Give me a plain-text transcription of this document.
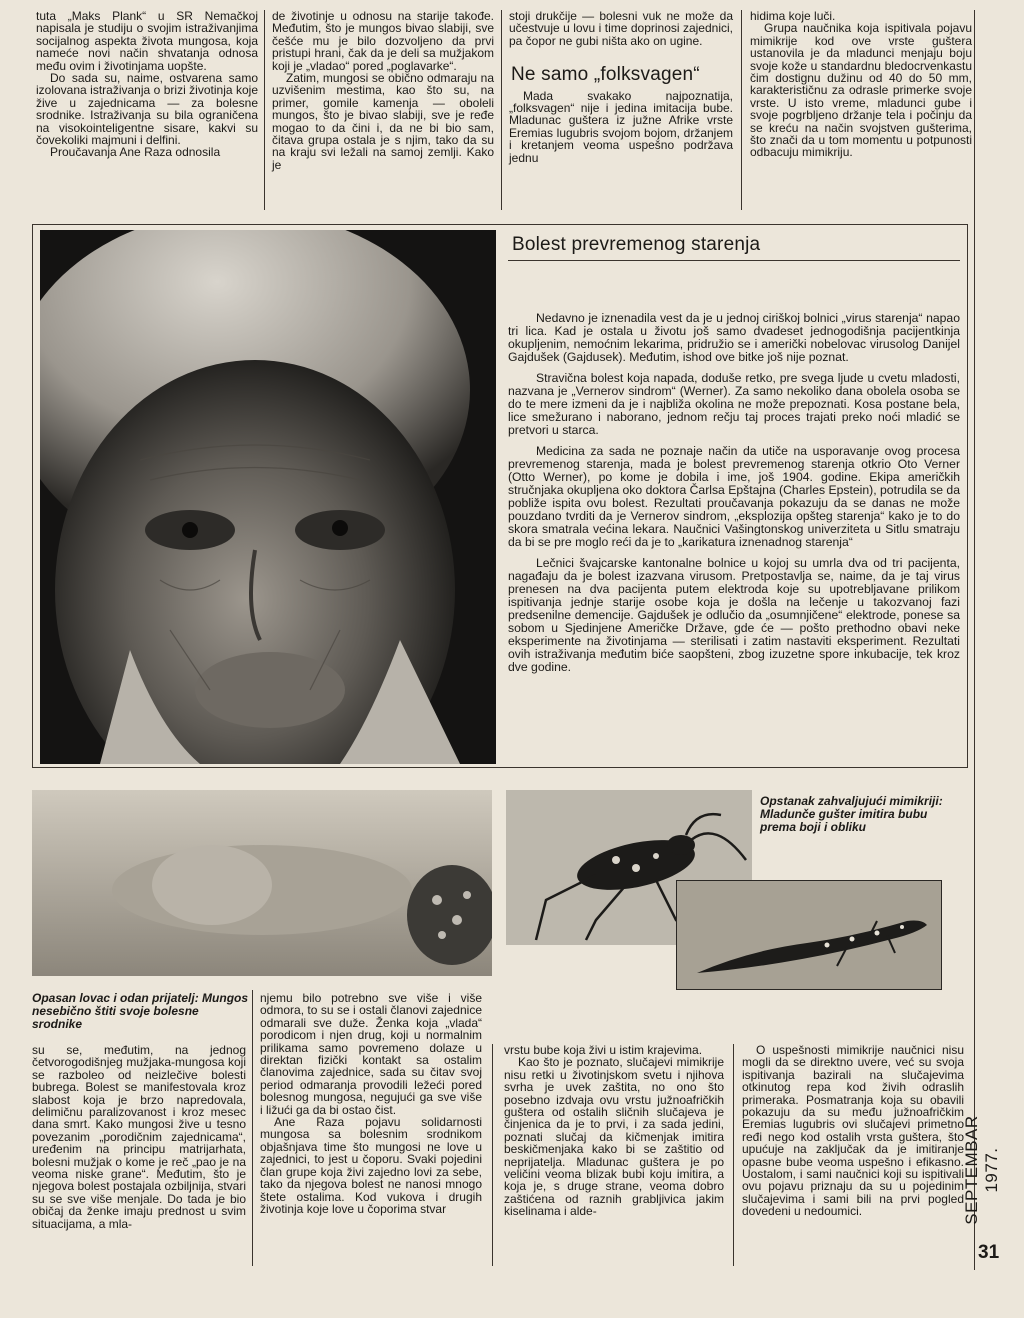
tuta „Maks Plank“ u SR Nemačkoj napisala je studiju o svojim istraživanjima socijalnog aspekta života mungosa, koja nameće novi način shvatanja odnosa među ovim i životinjama uopšte.

Do sada su, naime, ostvarena samo izolovana istraživanja o brizi životinja koje žive u zajednicama — za bolesne srodnike. Istraživanja su bila ograničena na visokointeligentne sisare, kakvi su čovekoliki majmuni i delfini.

Proučavanja Ane Raza odnosila

de životinje u odnosu na starije takođe. Međutim, što je mungos bivao slabiji, sve češće mu je bilo dozvoljeno da prvi pristupi hrani, čak da je deli sa mužjakom koji je „vladao“ pored „poglavarke“.

Zatim, mungosi se obično odmaraju na uzvišenim mestima, kao što su, na primer, gomile kamenja — oboleli mungos, što je bivao slabiji, sve je ređe mogao to da čini i, da ne bi bio sam, čitava grupa ostala je s njim, tako da su na kraju svi ležali na samoj zemlji. Kako je

stoji drukčije — bolesni vuk ne može da učestvuje u lovu i time doprinosi zajednici, pa čopor ne gubi ništa ako on ugine.

Ne samo „folksvagen“

Mada svakako najpoznatija, „folksvagen“ nije i jedina imitacija bube. Mladunac guštera iz južne Afrike vrste Eremias lugubris svojom bojom, držanjem i kretanjem veoma uspešno podržava jednu

hidima koje luči.

Grupa naučnika koja ispitivala pojavu mimikrije kod ove vrste guštera ustanovila je da mladunci menjaju boju svoje kože u standardnu bledocrvenkastu čim dostignu dužinu od 40 do 50 mm, karakterističnu za odrasle primerke svoje vrste. U isto vreme, mladunci gube i svoje pogrbljeno držanje tela i počinju da se kreću na način svojstven gušterima, što znači da u tom momentu u potpunosti odbacuju mimikriju.

Bolest prevremenog starenja

Nedavno je iznenadila vest da je u jednoj ciriškoj bolnici „virus starenja“ napao tri lica. Kad je ostala u životu još samo dvadeset jednogodišnja pacijentkinja okupljenim, nemoćnim lekarima, pridružio se i američki nobelovac virusolog Danijel Gajdušek (Gajdusek). Međutim, ishod ove bitke još nije poznat.

Stravična bolest koja napada, doduše retko, pre svega ljude u cvetu mladosti, nazvana je „Vernerov sindrom“ (Werner). Za samo nekoliko dana obolela osoba se do te mere izmeni da je i najbliža okolina ne može prepoznati. Kosa postane bela, lice smežurano i naborano, jednom rečju taj proces trajati preko noći mladić se pretvori u starca.

Medicina za sada ne poznaje način da utiče na usporavanje ovog procesa prevremenog starenja, mada je bolest prevremenog starenja otkrio Oto Verner (Otto Werner), po kome je dobila i ime, još 1904. godine. Ekipa američkih stručnjaka okupljena oko doktora Čarlsa Epštajna (Charles Epstein), potrudila se da pobliže ispita ovu bolest. Rezultati proučavanja pokazuju da se danas ne može pouzdano tvrditi da je Vernerov sindrom, „eksplozija opšteg starenja“ kako je to do skora smatrala većina lekara. Naučnici Vašingtonskog univerziteta u Sitlu smatraju da bi se pre moglo reći da je to „karikatura iznenadnog starenja“

Lečnici švajcarske kantonalne bolnice u kojoj su umrla dva od tri pacijenta, nagađaju da je bolest izazvana virusom. Pretpostavlja se, naime, da je taj virus prenesen na dva pacijenta putem elektroda koje su upotrebljavane prilikom ispitivanja jednje starije osobe koja je došla na lečenje u takozvanoj fazi predsenilne demencije. Gajdušek je odlučio da „osumnjičene“ elektrode, ponese sa sobom u Sjedinjene Američke Države, gde će — pošto prethodno obavi neke eksperimente na životinjama — sterilisati i zatim nastaviti eksperiment. Rezultati ovih istraživanja međutim biće saopšteni, zbog izuzetne spore inkubacije, tek kroz dve godine.

Opstanak zahvaljujući mimikriji: Mladunče gušter imitira bubu prema boji i obliku
Opasan lovac i odan prijatelj: Mungos nesebično štiti svoje bolesne srodnike

su se, međutim, na jednog četvorogodišnjeg mužjaka-mungosa koji se razboleo od neizlečive bolesti bubrega. Bolest se manifestovala kroz slabost koja je brzo napredovala, delimičnu paralizovanost i kroz mesec dana smrt. Kako mungosi žive u tesno povezanim „porodičnim zajednicama“, uređenim na principu matrijarhata, bolesni mužjak o kome je reč „pao je na veoma niske grane“. Međutim, što je njegova bolest postajala ozbiljnija, stvari su se sve više menjale. Do tada je bio običaj da ženke imaju prednost u svim situacijama, a mla-

njemu bilo potrebno sve više i više odmora, to su se i ostali članovi zajednice odmarali sve duže. Ženka koja „vlada“ porodicom i njen drug, koji u normalnim prilikama samo povremeno dolaze u direktan fizički kontakt sa ostalim članovima zajednice, sada su čitav svoj period odmaranja provodili ležeći pored bolesnog mungosa, negujući ga sve više i ližući ga da bi ostao čist.

Ane Raza pojavu solidarnosti mungosa sa bolesnim srodnikom objašnjava time što mungosi ne love u zajednici, to jest u čoporu. Svaki pojedini član grupe koja živi zajedno lovi za sebe, tako da njegova bolest ne nanosi mnogo štete ostalima. Kod vukova i drugih životinja koje love u čoporima stvar

vrstu bube koja živi u istim krajevima.

Kao što je poznato, slučajevi mimikrije nisu retki u životinjskom svetu i njihova svrha je uvek zaštita, no ono što posebno izdvaja ovu vrstu južnoafričkih gušterа od ostalih sličnih slučajeva je činjenica da je to prvi, i za sada jedini, poznati slučaj da kičmenjak imitira beskičmenjaka kako bi se zaštitio od neprijatelja. Mladunac gušterа je po veličini veoma blizak bubi koju imitira, a koja je, s druge strane, veoma dobro zaštićena od raznih grabljivica jakim kiselinama i alde-

O uspešnosti mimikrije naučnici nisu mogli da se direktno uvere, već su svoja ispitivanja bazirali na slučajevima otkinutog repa kod živih odraslih primeraka. Posmatranja koja su obavili pokazuju da su među južnoafričkim Eremias lugubris ovi slučajevi primetno ređi nego kod ostalih vrsta gušterа, što upućuje na zaključak da je imitiranje opasne bube veoma uspešno i efikasno. Uostalom, i sami naučnici koji su ispitivali ovu pojavu priznaju da su u pojedinim slučajevima i sami bili na prvi pogled dovedeni u nedoumici.	SEPTEMBAR 1977.
31
